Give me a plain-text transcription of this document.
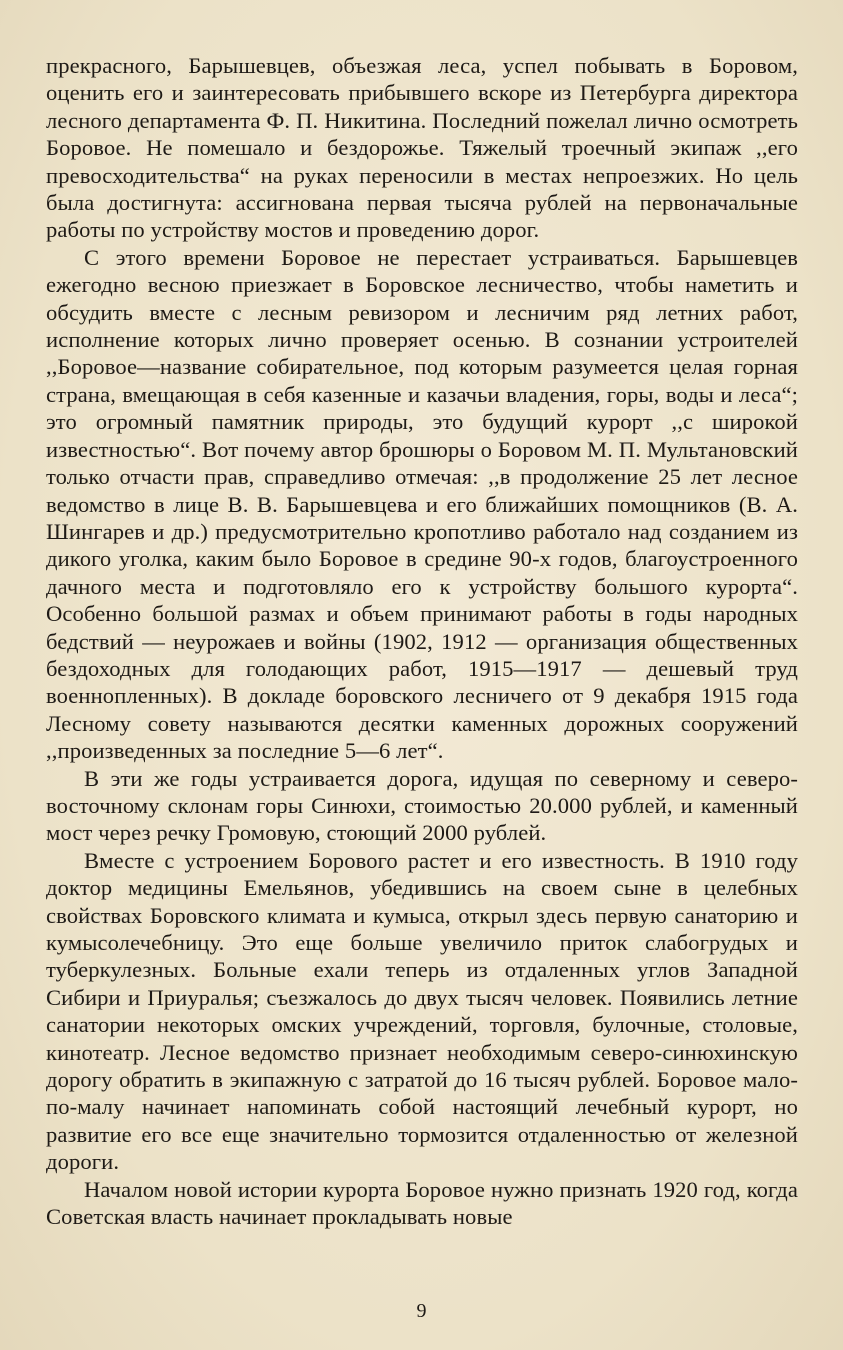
прекрасного, Барышевцев, объезжая леса, успел побывать в Боровом, оценить его и заинтересовать прибывшего вскоре из Петербурга директора лесного департамента Ф. П. Никитина. Последний пожелал лично осмотреть Боровое. Не помешало и бездорожье. Тяжелый троечный экипаж ,,его превосходительства“ на руках переносили в местах непроезжих. Но цель была достигнута: ассигнована первая тысяча рублей на первоначальные работы по устройству мостов и проведению дорог.

С этого времени Боровое не перестает устраиваться. Барышевцев ежегодно весною приезжает в Боровское лесничество, чтобы наметить и обсудить вместе с лесным ревизором и лесничим ряд летних работ, исполнение которых лично проверяет осенью. В сознании устроителей ,,Боровое—название собирательное, под которым разумеется целая горная страна, вмещающая в себя казенные и казачьи владения, горы, воды и леса“; это огромный памятник природы, это будущий курорт ,,с широкой известностью“. Вот почему автор брошюры о Боровом М. П. Мультановский только отчасти прав, справедливо отмечая: ,,в продолжение 25 лет лесное ведомство в лице В. В. Барышевцева и его ближайших помощников (В. А. Шингарев и др.) предусмотрительно кропотливо работало над созданием из дикого уголка, каким было Боровое в средине 90-х годов, благоустроенного дачного места и подготовляло его к устройству большого курорта“. Особенно большой размах и объем принимают работы в годы народных бедствий — неурожаев и войны (1902, 1912 — организация общественных бездоходных для голодающих работ, 1915—1917 — дешевый труд военнопленных). В докладе боровского лесничего от 9 декабря 1915 года Лесному совету называются десятки каменных дорожных сооружений ,,произведенных за последние 5—6 лет“.

В эти же годы устраивается дорога, идущая по северному и северо-восточному склонам горы Синюхи, стоимостью 20.000 рублей, и каменный мост через речку Громовую, стоющий 2000 рублей.

Вместе с устроением Борового растет и его известность. В 1910 году доктор медицины Емельянов, убедившись на своем сыне в целебных свойствах Боровского климата и кумыса, открыл здесь первую санаторию и кумысолечебницу. Это еще больше увеличило приток слабогрудых и туберкулезных. Больные ехали теперь из отдаленных углов Западной Сибири и Приуралья; съезжалось до двух тысяч человек. Появились летние санатории некоторых омских учреждений, торговля, булочные, столовые, кинотеатр. Лесное ведомство признает необходимым северо-синюхинскую дорогу обратить в экипажную с затратой до 16 тысяч рублей. Боровое мало-по-малу начинает напоминать собой настоящий лечебный курорт, но развитие его все еще значительно тормозится отдаленностью от железной дороги.

Началом новой истории курорта Боровое нужно признать 1920 год, когда Советская власть начинает прокладывать новые

9
